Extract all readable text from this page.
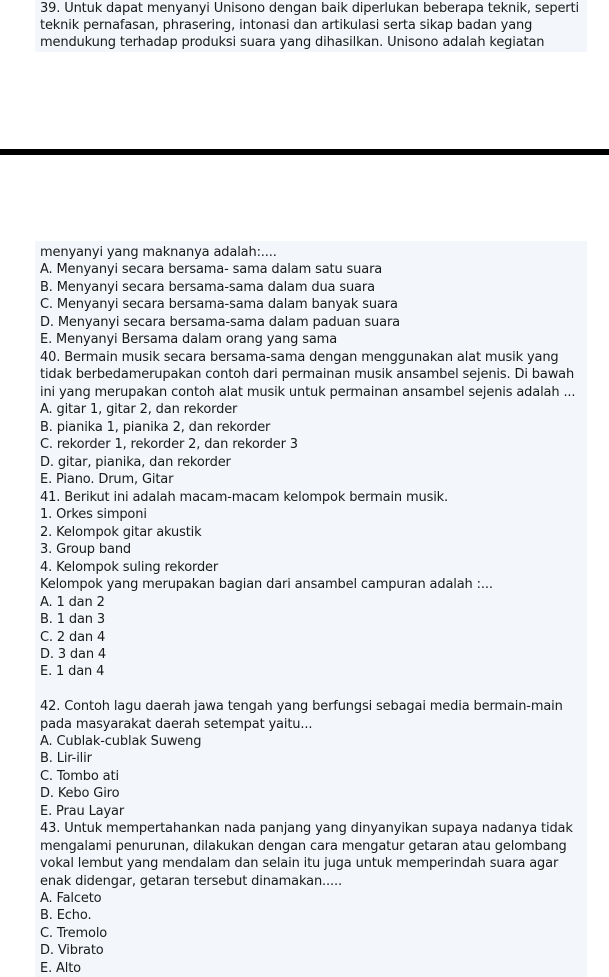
39. Untuk dapat menyanyi Unisono dengan baik diperlukan beberapa teknik, seperti
teknik pernafasan, phrasering, intonasi dan artikulasi serta sikap badan yang
mendukung terhadap produksi suara yang dihasilkan. Unisono adalah kegiatan
menyanyi yang maknanya adalah:....
A. Menyanyi secara bersama- sama dalam satu suara
B. Menyanyi secara bersama-sama dalam dua suara
C. Menyanyi secara bersama-sama dalam banyak suara
D. Menyanyi secara bersama-sama dalam paduan suara
E. Menyanyi Bersama dalam orang yang sama
40. Bermain musik secara bersama-sama dengan menggunakan alat musik yang
tidak berbedamerupakan contoh dari permainan musik ansambel sejenis. Di bawah
ini yang merupakan contoh alat musik untuk permainan ansambel sejenis adalah ...
A. gitar 1, gitar 2, dan rekorder
B. pianika 1, pianika 2, dan rekorder
C. rekorder 1, rekorder 2, dan rekorder 3
D. gitar, pianika, dan rekorder
E. Piano. Drum, Gitar
41. Berikut ini adalah macam-macam kelompok bermain musik.
1. Orkes simponi
2. Kelompok gitar akustik
3. Group band
4. Kelompok suling rekorder
Kelompok yang merupakan bagian dari ansambel campuran adalah :...
A. 1 dan 2
B. 1 dan 3
C. 2 dan 4
D. 3 dan 4
E. 1 dan 4
42. Contoh lagu daerah jawa tengah yang berfungsi sebagai media bermain-main
pada masyarakat daerah setempat yaitu...
A. Cublak-cublak Suweng
B. Lir-ilir
C. Tombo ati
D. Kebo Giro
E. Prau Layar
43. Untuk mempertahankan nada panjang yang dinyanyikan supaya nadanya tidak
mengalami penurunan, dilakukan dengan cara mengatur getaran atau gelombang
vokal lembut yang mendalam dan selain itu juga untuk memperindah suara agar
enak didengar, getaran tersebut dinamakan.....
A. Falceto
B. Echo.
C. Tremolo
D. Vibrato
E. Alto
